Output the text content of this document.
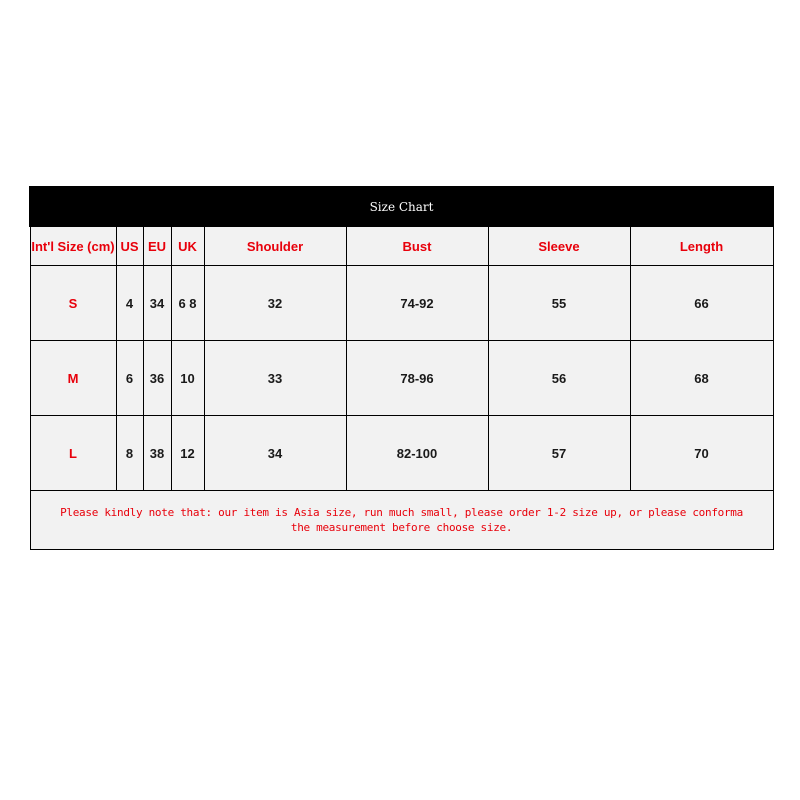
Size Chart							
Int'l Size (cm)	US	EU	UK	Shoulder	Bust	Sleeve	Length
S	4	34	6 8	32	74-92	55	66
M	6	36	10	33	78-96	56	68
L	8	38	12	34	82-100	57	70

Please kindly note that: our item is Asia size, run much small, please order 1-2 size up, or please conforma
the measurement before choose size.							
